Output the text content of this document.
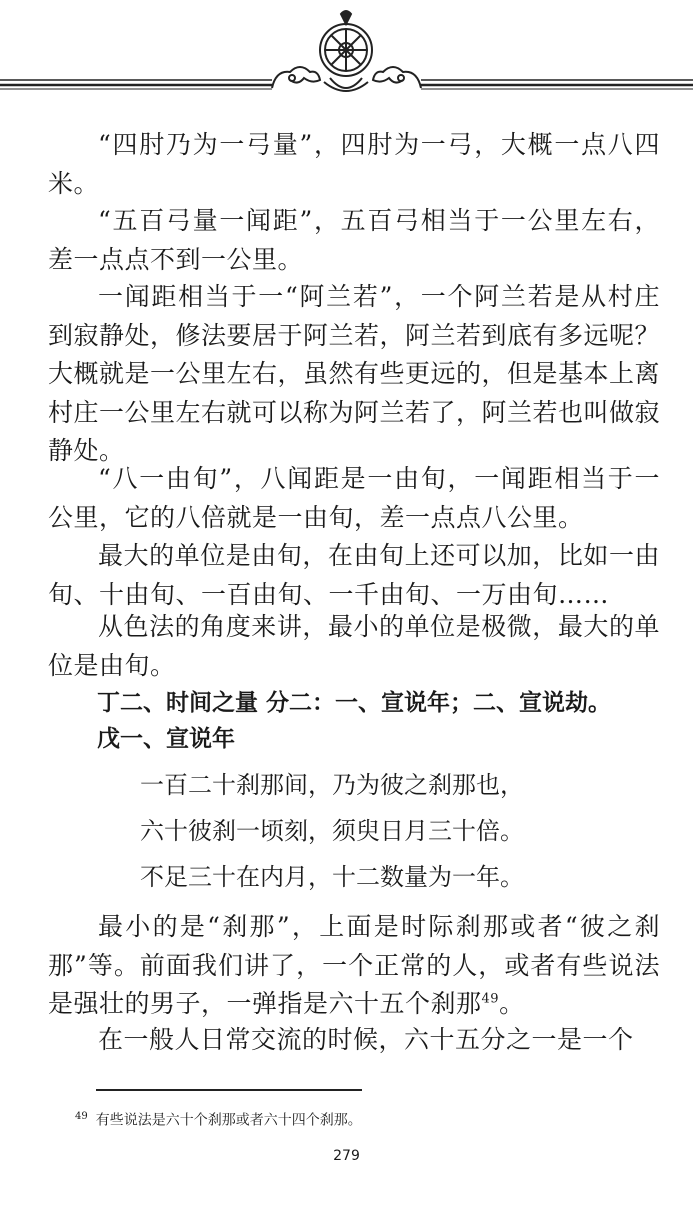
“四肘乃为一弓量”，四肘为一弓，大概一点八四米。

“五百弓量一闻距”，五百弓相当于一公里左右，差一点点不到一公里。

一闻距相当于一“阿兰若”，一个阿兰若是从村庄到寂静处，修法要居于阿兰若，阿兰若到底有多远呢？大概就是一公里左右，虽然有些更远的，但是基本上离村庄一公里左右就可以称为阿兰若了，阿兰若也叫做寂静处。

“八一由旬”，八闻距是一由旬，一闻距相当于一公里，它的八倍就是一由旬，差一点点八公里。

最大的单位是由旬，在由旬上还可以加，比如一由旬、十由旬、一百由旬、一千由旬、一万由旬……

从色法的角度来讲，最小的单位是极微，最大的单位是由旬。

丁二、时间之量 分二：一、宣说年；二、宣说劫。

戊一、宣说年

一百二十刹那间，乃为彼之刹那也，

六十彼刹一顷刻，须臾日月三十倍。

不足三十在内月，十二数量为一年。

最小的是“刹那”，上面是时际刹那或者“彼之刹那”等。前面我们讲了，一个正常的人，或者有些说法是强壮的男子，一弹指是六十五个刹那$^{49}$。

在一般人日常交流的时候，六十五分之一是一个

$^{49}$ 有些说法是六十个刹那或者六十四个刹那。

279
